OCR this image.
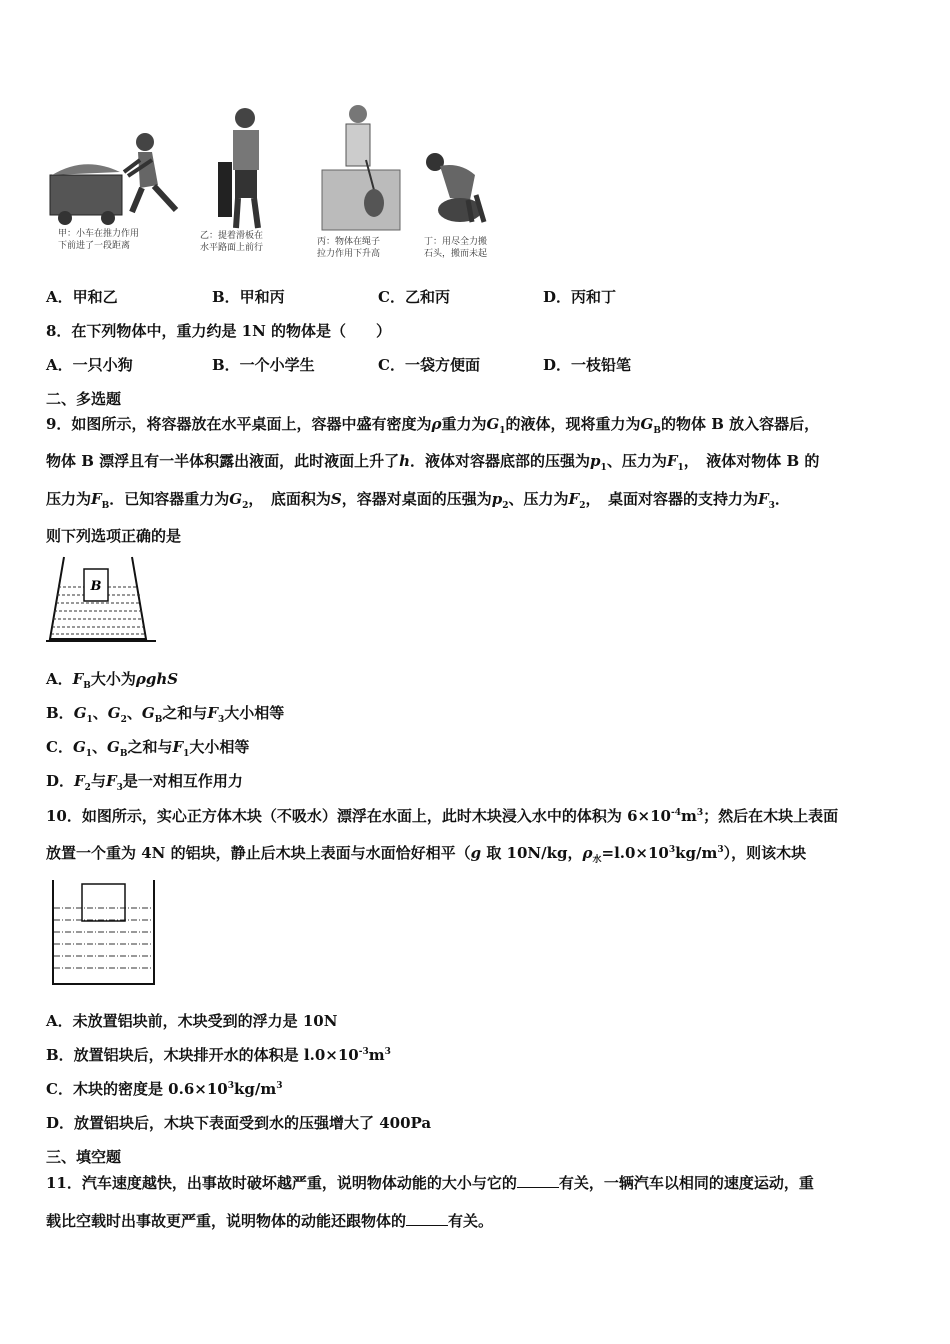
甲：小车在推力作用
下前进了一段距离
乙：提着滑板在
水平路面上前行
丙：物体在绳子
拉力作用下升高
丁：用尽全力搬
石头，搬而未起
A．甲和乙	B．甲和丙	C．乙和丙	D．丙和丁
8．在下列物体中，重力约是 1N 的物体是（　　）
A．一只小狗	B．一个小学生	C．一袋方便面	D．一枝铅笔
二、多选题
9．如图所示，将容器放在水平桌面上，容器中盛有密度为ρ重力为$G_1$的液体，现将重力为$G_B$的物体 B 放入容器后，
物体 B 漂浮且有一半体积露出液面，此时液面上升了h．液体对容器底部的压强为$p_1$、压力为$F_1$，　液体对物体 B 的
压力为$F_B$．已知容器重力为$G_2$，　底面积为S，容器对桌面的压强为$p_2$、压力为$F_2$，　桌面对容器的支持力为$F_3$．
则下列选项正确的是
B
A．$F_B$大小为ρghS
B．$G_1$、$G_2$、$G_B$之和与$F_3$大小相等
C．$G_1$、$G_B$之和与$F_1$大小相等
D．$F_2$与$F_3$是一对相互作用力
10．如图所示，实心正方体木块（不吸水）漂浮在水面上，此时木块浸入水中的体积为 $6\times 10^{-4}m^3$；然后在木块上表面
放置一个重为 4N 的铝块，静止后木块上表面与水面恰好相平（g 取 10N/kg，$\rho_水=l.0\times 10^3kg/m^3$），则该木块
A．未放置铝块前，木块受到的浮力是 10N
B．放置铝块后，木块排开水的体积是 $l.0\times 10^{-3}m^3$
C．木块的密度是 $0.6\times 10^3kg/m^3$
D．放置铝块后，木块下表面受到水的压强增大了 400Pa
三、填空题
11．汽车速度越快，出事故时破坏越严重，说明物体动能的大小与它的	有关，一辆汽车以相同的速度运动，重
载比空载时出事故更严重，说明物体的动能还跟物体的	有关。
